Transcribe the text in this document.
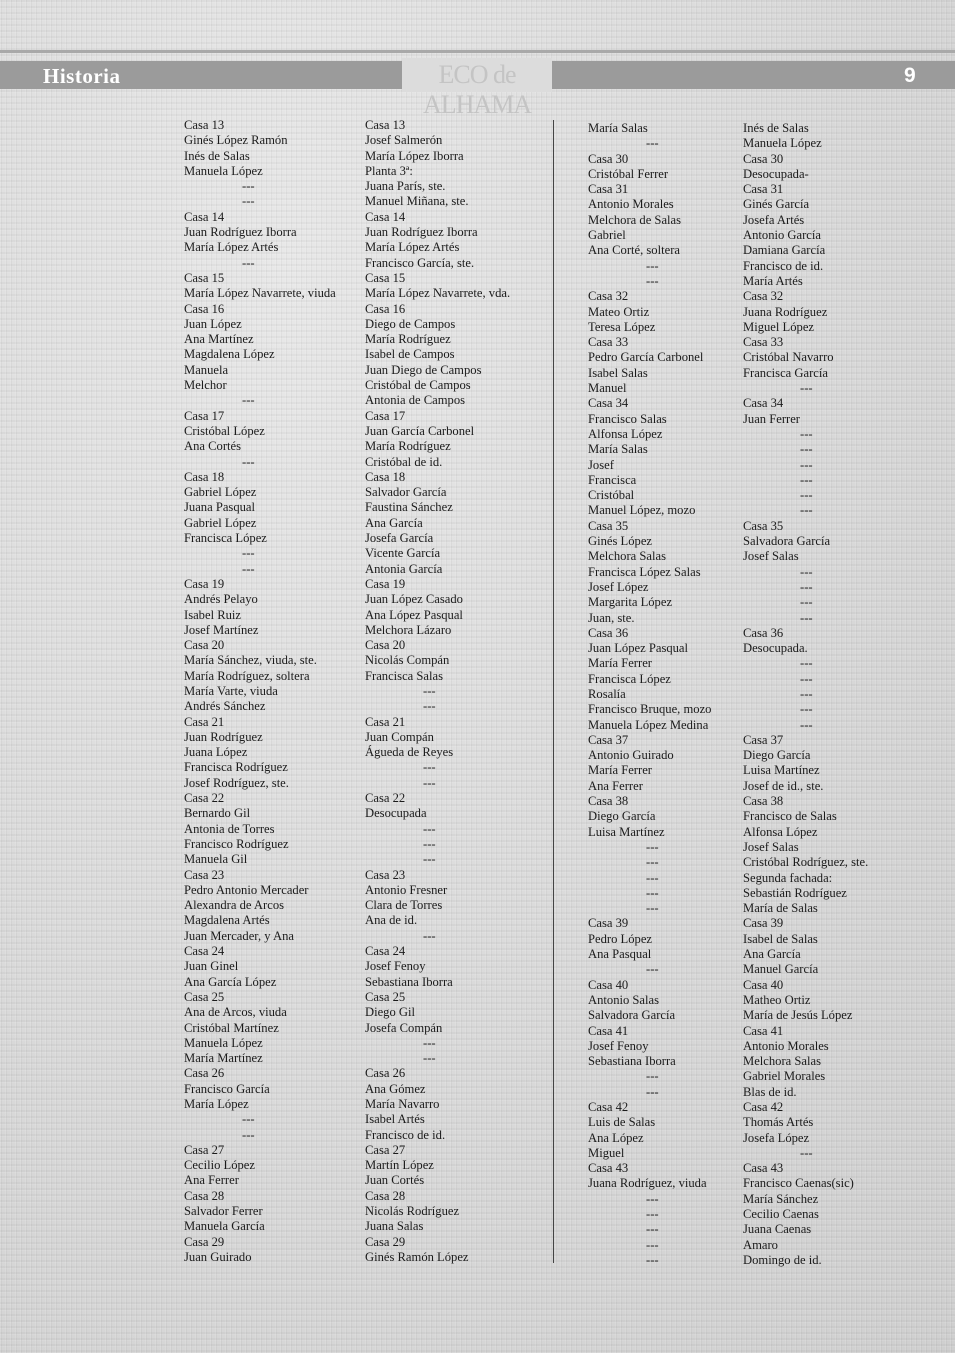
Historia	ECO de ALHAMA
9
Casa 13
Ginés López Ramón
Inés de Salas
Manuela López
---
---
Casa 14
Juan Rodríguez Iborra
María López Artés
---
Casa 15
María López Navarrete, viuda
Casa 16
Juan López
Ana Martínez
Magdalena López
Manuela
Melchor
---
Casa 17
Cristóbal López
Ana Cortés
---
Casa 18
Gabriel López
Juana Pasqual
Gabriel López
Francisca López
---
---
Casa 19
Andrés Pelayo
Isabel Ruiz
Josef Martínez
Casa 20
María Sánchez, viuda, ste.
María Rodríguez, soltera
María Varte, viuda
Andrés Sánchez
Casa 21
Juan Rodríguez
Juana López
Francisca Rodríguez
Josef Rodríguez, ste.
Casa 22
Bernardo Gil
Antonia de Torres
Francisco Rodríguez
Manuela Gil
Casa 23
Pedro Antonio Mercader
Alexandra de Arcos
Magdalena Artés
Juan Mercader, y Ana
Casa 24
Juan Ginel
Ana García López
Casa 25
Ana de Arcos, viuda
Cristóbal Martínez
Manuela López
María Martínez
Casa 26
Francisco García
María López
---
---
Casa 27
Cecilio López
Ana Ferrer
Casa 28
Salvador Ferrer
Manuela García
Casa 29
Juan Guirado
Casa 13
Josef Salmerón
María López Iborra
Planta 3ª:
Juana París, ste.
Manuel Miñana, ste.
Casa 14
Juan Rodríguez Iborra
María López Artés
Francisco García, ste.
Casa 15
María López Navarrete, vda.
Casa 16
Diego de Campos
María Rodríguez
Isabel de Campos
Juan Diego de Campos
Cristóbal de Campos
Antonia de Campos
Casa 17
Juan García Carbonel
María Rodríguez
Cristóbal de id.
Casa 18
Salvador García
Faustina Sánchez
Ana García
Josefa García
Vicente García
Antonia García
Casa 19
Juan López Casado
Ana López Pasqual
Melchora Lázaro
Casa 20
Nicolás Compán
Francisca Salas
---
---
Casa 21
Juan Compán
Águeda de Reyes
---
---
Casa 22
Desocupada
---
---
---
Casa 23
Antonio Fresner
Clara de Torres
Ana de id.
---
Casa 24
Josef Fenoy
Sebastiana Iborra
Casa 25
Diego Gil
Josefa Compán
---
---
Casa 26
Ana Gómez
María Navarro
Isabel Artés
Francisco de id.
Casa 27
Martín López
Juan Cortés
Casa 28
Nicolás Rodríguez
Juana Salas
Casa 29
Ginés Ramón López
María Salas
---
Casa 30
Cristóbal Ferrer
Casa 31
Antonio Morales
Melchora de Salas
Gabriel
Ana Corté, soltera
---
---
Casa 32
Mateo Ortiz
Teresa López
Casa 33
Pedro García Carbonel
Isabel Salas
Manuel
Casa 34
Francisco Salas
Alfonsa López
María Salas
Josef
Francisca
Cristóbal
Manuel López, mozo
Casa 35
Ginés López
Melchora Salas
Francisca López Salas
Josef López
Margarita López
Juan, ste.
Casa 36
Juan López Pasqual
María Ferrer
Francisca López
Rosalía
Francisco Bruque, mozo
Manuela López Medina
Casa 37
Antonio Guirado
María Ferrer
Ana Ferrer
Casa 38
Diego García
Luisa Martínez
---
---
---
---
---
Casa 39
Pedro López
Ana Pasqual
---
Casa 40
Antonio Salas
Salvadora García
Casa 41
Josef Fenoy
Sebastiana Iborra
---
---
Casa 42
Luis de Salas
Ana López
Miguel
Casa 43
Juana Rodríguez, viuda
---
---
---
---
---
Inés de Salas
Manuela López
Casa 30
Desocupada-
Casa 31
Ginés García
Josefa Artés
Antonio García
Damiana García
Francisco de id.
María Artés
Casa 32
Juana Rodríguez
Miguel López
Casa 33
Cristóbal Navarro
Francisca García
---
Casa 34
Juan Ferrer
---
---
---
---
---
---
Casa 35
Salvadora García
Josef Salas
---
---
---
---
Casa 36
Desocupada.
---
---
---
---
---
Casa 37
Diego García
Luisa Martínez
Josef de id., ste.
Casa 38
Francisco de Salas
Alfonsa López
Josef Salas
Cristóbal Rodríguez, ste.
Segunda fachada:
Sebastián Rodríguez
María de Salas
Casa 39
Isabel de Salas
Ana García
Manuel García
Casa 40
Matheo Ortiz
María de Jesús López
Casa 41
Antonio Morales
Melchora Salas
Gabriel Morales
Blas de id.
Casa 42
Thomás Artés
Josefa López
---
Casa 43
Francisco Caenas(sic)
María Sánchez
Cecilio Caenas
Juana Caenas
Amaro
Domingo de id.
